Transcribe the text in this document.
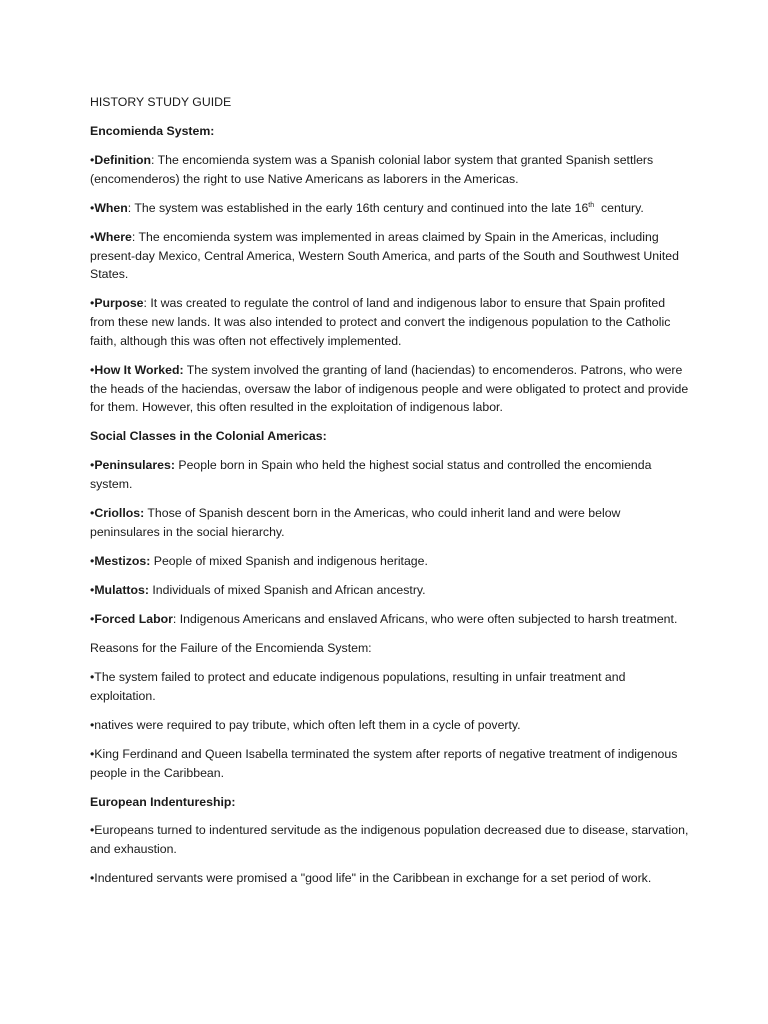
HISTORY STUDY GUIDE

Encomienda System:

•Definition: The encomienda system was a Spanish colonial labor system that granted Spanish settlers (encomenderos) the right to use Native Americans as laborers in the Americas.

•When: The system was established in the early 16th century and continued into the late 16th  century.

•Where: The encomienda system was implemented in areas claimed by Spain in the Americas, including present-day Mexico, Central America, Western South America, and parts of the South and Southwest United States.

•Purpose: It was created to regulate the control of land and indigenous labor to ensure that Spain profited from these new lands. It was also intended to protect and convert the indigenous population to the Catholic faith, although this was often not effectively implemented.

•How It Worked: The system involved the granting of land (haciendas) to encomenderos. Patrons, who were the heads of the haciendas, oversaw the labor of indigenous people and were obligated to protect and provide for them. However, this often resulted in the exploitation of indigenous labor.

Social Classes in the Colonial Americas:

•Peninsulares: People born in Spain who held the highest social status and controlled the encomienda system.

•Criollos: Those of Spanish descent born in the Americas, who could inherit land and were below peninsulares in the social hierarchy.

•Mestizos: People of mixed Spanish and indigenous heritage.

•Mulattos: Individuals of mixed Spanish and African ancestry.

•Forced Labor: Indigenous Americans and enslaved Africans, who were often subjected to harsh treatment.

Reasons for the Failure of the Encomienda System:

•The system failed to protect and educate indigenous populations, resulting in unfair treatment and exploitation.

•natives were required to pay tribute, which often left them in a cycle of poverty.

•King Ferdinand and Queen Isabella terminated the system after reports of negative treatment of indigenous people in the Caribbean.

European Indentureship:

•Europeans turned to indentured servitude as the indigenous population decreased due to disease, starvation, and exhaustion.

•Indentured servants were promised a "good life" in the Caribbean in exchange for a set period of work.
